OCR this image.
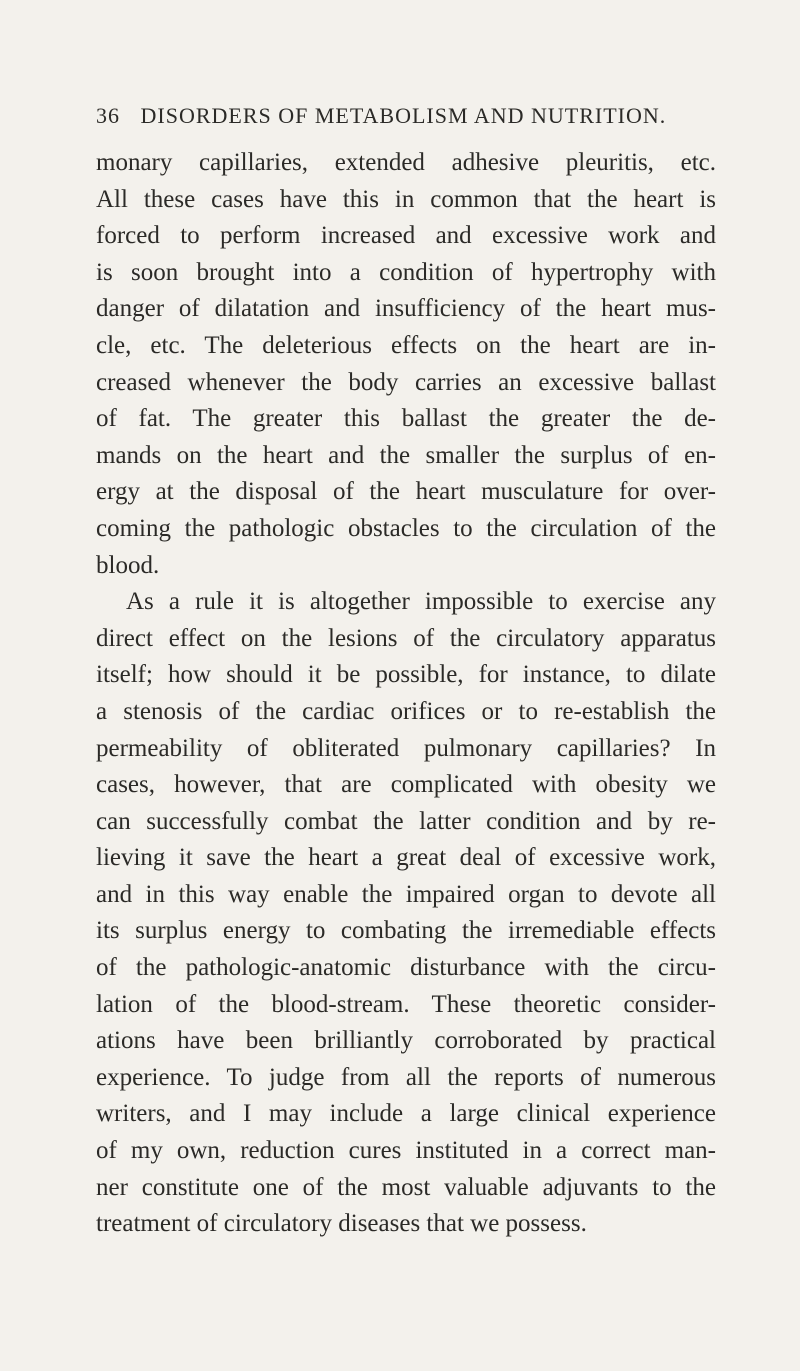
36 DISORDERS OF METABOLISM AND NUTRITION.
monary capillaries, extended adhesive pleuritis, etc.
All these cases have this in common that the heart is
forced to perform increased and excessive work and
is soon brought into a condition of hypertrophy with
danger of dilatation and insufficiency of the heart mus-
cle, etc. The deleterious effects on the heart are in-
creased whenever the body carries an excessive ballast
of fat. The greater this ballast the greater the de-
mands on the heart and the smaller the surplus of en-
ergy at the disposal of the heart musculature for over-
coming the pathologic obstacles to the circulation of the
blood.
As a rule it is altogether impossible to exercise any
direct effect on the lesions of the circulatory apparatus
itself; how should it be possible, for instance, to dilate
a stenosis of the cardiac orifices or to re-establish the
permeability of obliterated pulmonary capillaries? In
cases, however, that are complicated with obesity we
can successfully combat the latter condition and by re-
lieving it save the heart a great deal of excessive work,
and in this way enable the impaired organ to devote all
its surplus energy to combating the irremediable effects
of the pathologic-anatomic disturbance with the circu-
lation of the blood-stream. These theoretic consider-
ations have been brilliantly corroborated by practical
experience. To judge from all the reports of numerous
writers, and I may include a large clinical experience
of my own, reduction cures instituted in a correct man-
ner constitute one of the most valuable adjuvants to the
treatment of circulatory diseases that we possess.
